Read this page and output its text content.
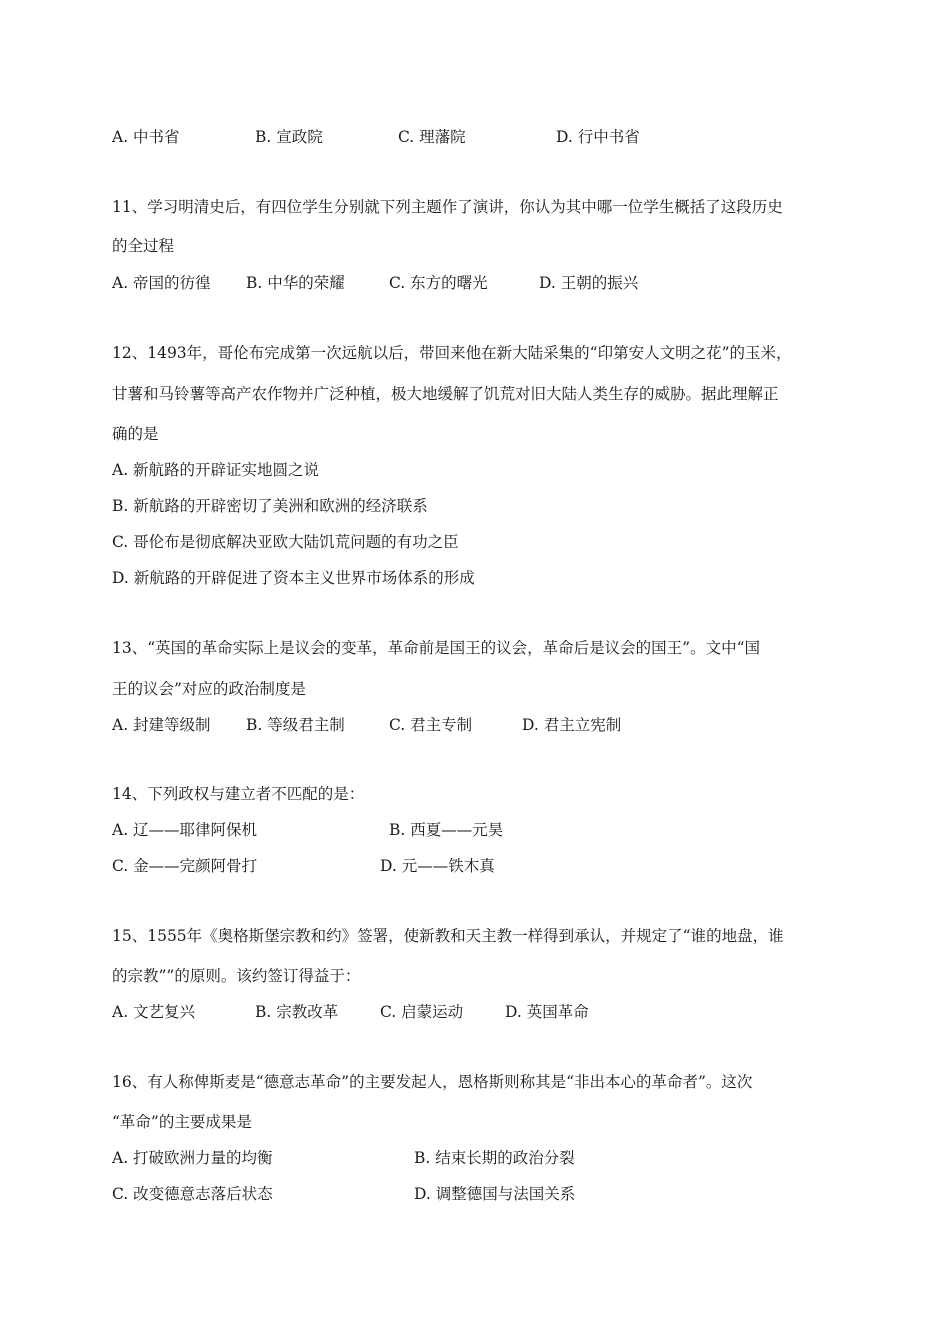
A. 中书省	B. 宣政院	C. 理藩院	D. 行中书省
11、学习明清史后，有四位学生分别就下列主题作了演讲，你认为其中哪一位学生概括了这段历史
的全过程
A. 帝国的彷徨 B. 中华的荣耀	C. 东方的曙光	D. 王朝的振兴
12、1493年，哥伦布完成第一次远航以后，带回来他在新大陆采集的“印第安人文明之花”的玉米，
甘薯和马铃薯等高产农作物并广泛种植，极大地缓解了饥荒对旧大陆人类生存的威胁。据此理解正
确的是
A. 新航路的开辟证实地圆之说
B. 新航路的开辟密切了美洲和欧洲的经济联系
C. 哥伦布是彻底解决亚欧大陆饥荒问题的有功之臣
D. 新航路的开辟促进了资本主义世界市场体系的形成
13、“英国的革命实际上是议会的变革，革命前是国王的议会，革命后是议会的国王”。文中“国
王的议会”对应的政治制度是
A. 封建等级制 B. 等级君主制	C. 君主专制	D. 君主立宪制
14、下列政权与建立者不匹配的是：
A. 辽——耶律阿保机	B. 西夏——元昊
C. 金——完颜阿骨打	D. 元——铁木真
15、1555年《奥格斯堡宗教和约》签署，使新教和天主教一样得到承认，并规定了“谁的地盘，谁
的宗教””的原则。该约签订得益于：
A. 文艺复兴	B. 宗教改革	C. 启蒙运动	D. 英国革命
16、有人称俾斯麦是“德意志革命”的主要发起人，恩格斯则称其是“非出本心的革命者”。这次
“革命”的主要成果是
A. 打破欧洲力量的均衡	B. 结束长期的政治分裂
C. 改变德意志落后状态	D. 调整德国与法国关系
